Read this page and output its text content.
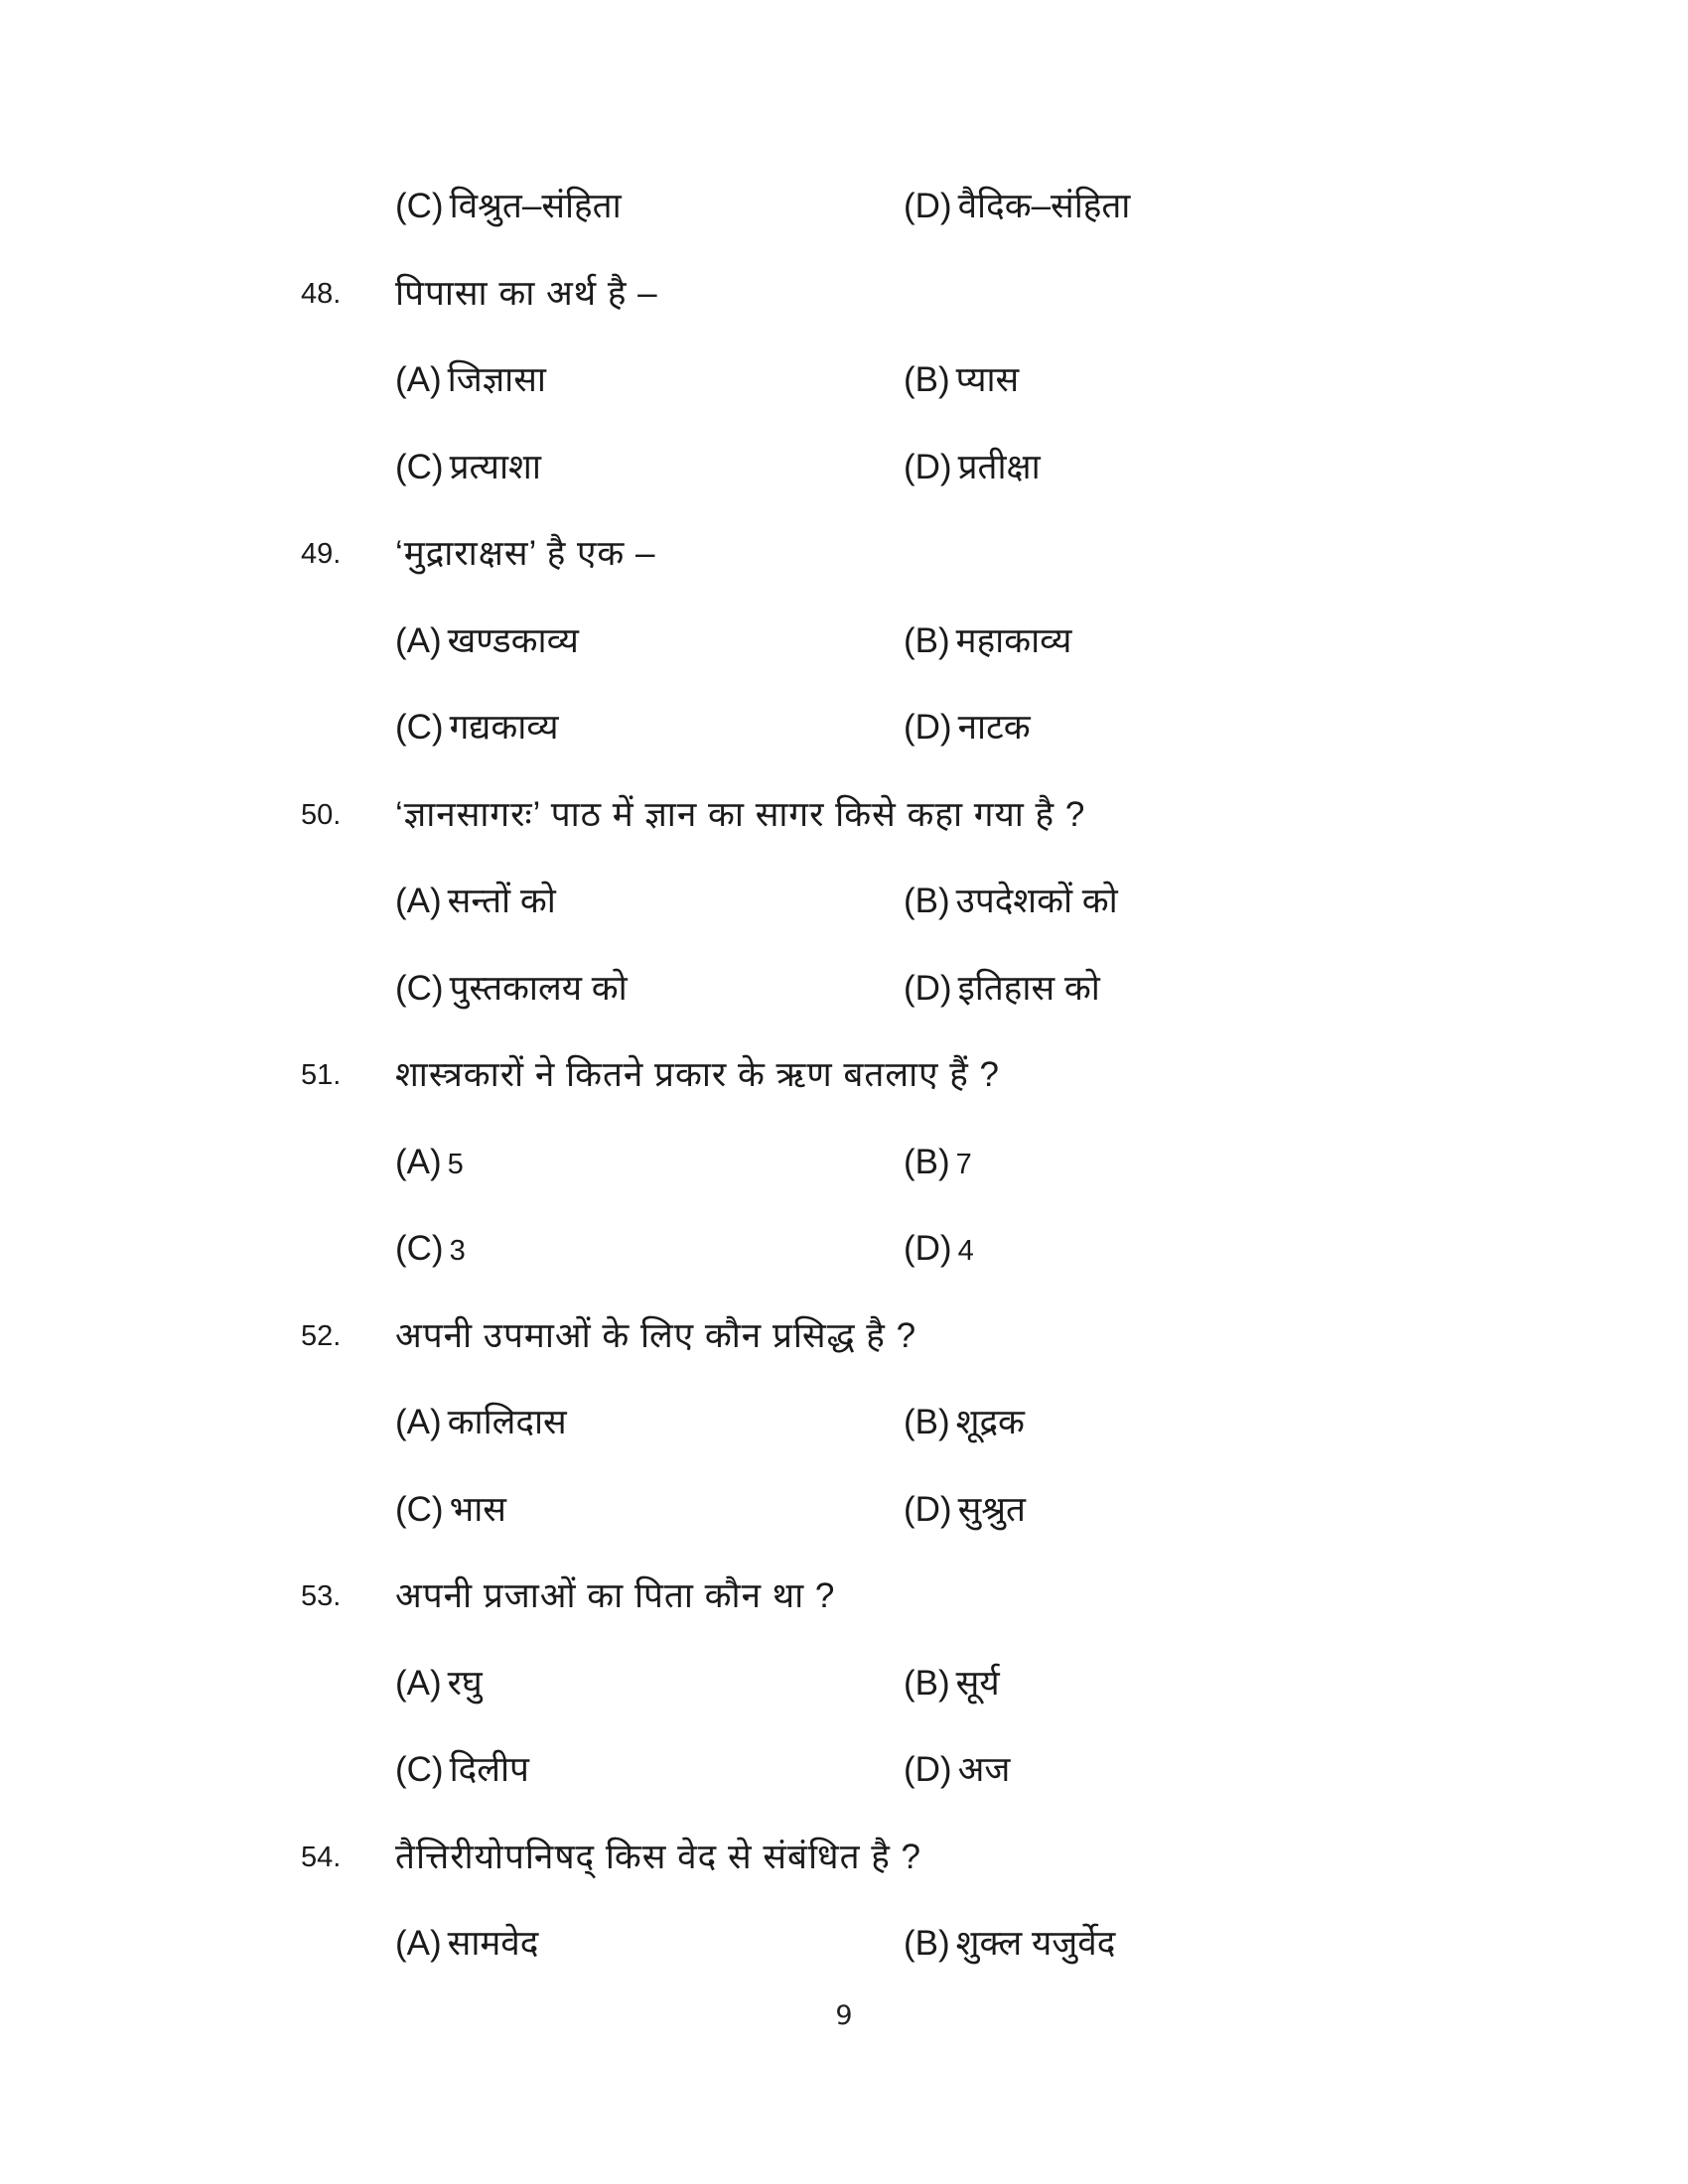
(C) विश्रुत–संहिता	(D) वैदिक–संहिता
48. पिपासा का अर्थ है –
(A) जिज्ञासा	(B) प्यास
(C) प्रत्याशा	(D) प्रतीक्षा
49. ‘मुद्राराक्षस’ है एक –
(A) खण्डकाव्य	(B) महाकाव्य
(C) गद्यकाव्य	(D) नाटक
50. ‘ज्ञानसागरः’ पाठ में ज्ञान का सागर किसे कहा गया है ?
(A) सन्तों को	(B) उपदेशकों को
(C) पुस्तकालय को	(D) इतिहास को
51. शास्त्रकारों ने कितने प्रकार के ऋण बतलाए हैं ?
(A) 5	(B) 7
(C) 3	(D) 4
52. अपनी उपमाओं के लिए कौन प्रसिद्ध है ?
(A) कालिदास	(B) शूद्रक
(C) भास	(D) सुश्रुत
53. अपनी प्रजाओं का पिता कौन था ?
(A) रघु	(B) सूर्य
(C) दिलीप	(D) अज
54. तैत्तिरीयोपनिषद् किस वेद से संबंधित है ?
(A) सामवेद	(B) शुक्ल यजुर्वेद
9
